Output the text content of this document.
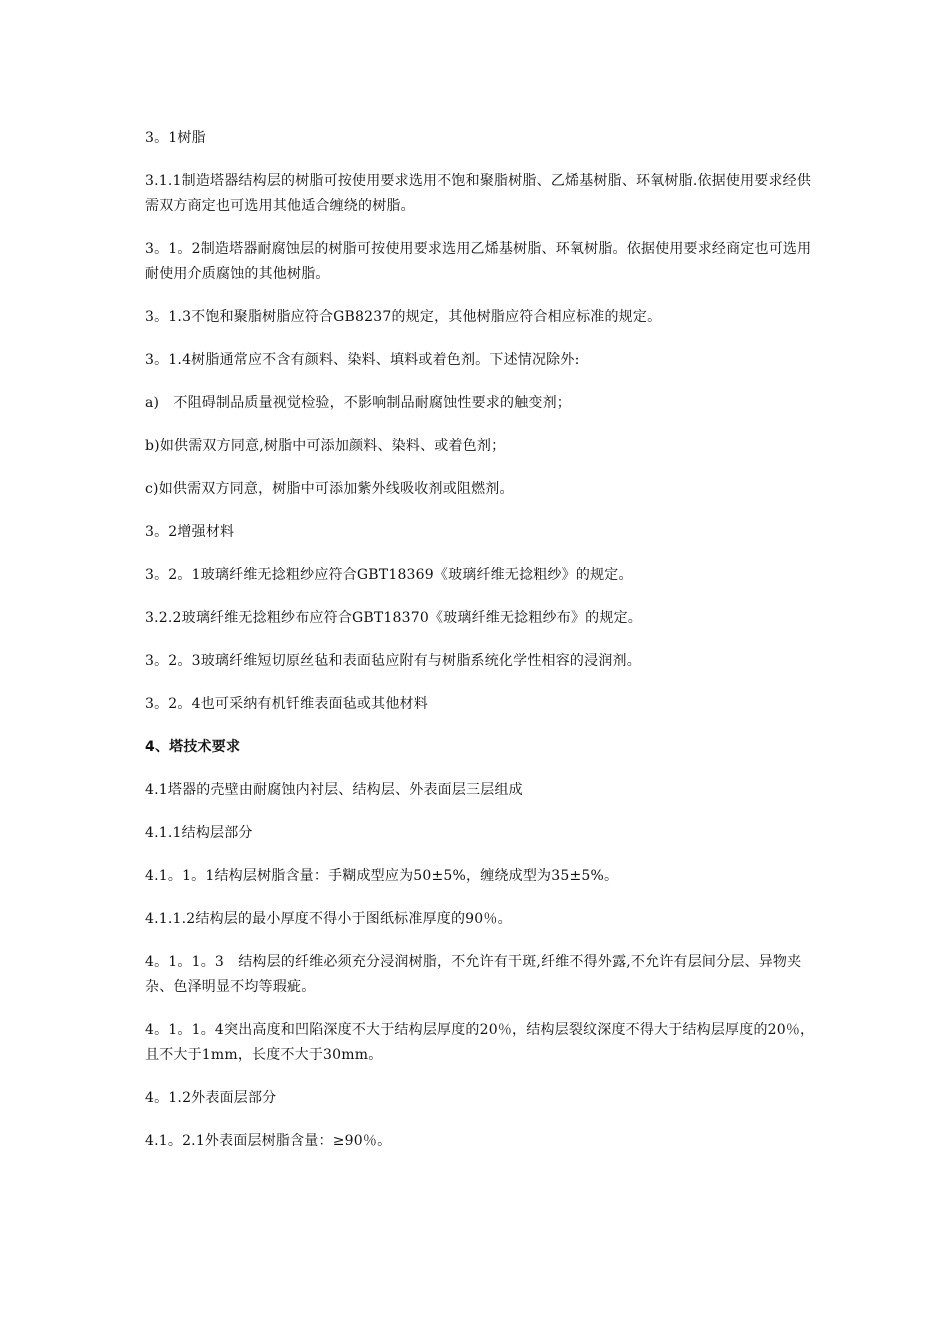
3。1树脂

3.1.1制造塔器结构层的树脂可按使用要求选用不饱和聚脂树脂、乙烯基树脂、环氧树脂.依据使用要求经供需双方商定也可选用其他适合缠绕的树脂。

3。1。2制造塔器耐腐蚀层的树脂可按使用要求选用乙烯基树脂、环氧树脂。依据使用要求经商定也可选用耐使用介质腐蚀的其他树脂。

3。1.3不饱和聚脂树脂应符合GB8237的规定，其他树脂应符合相应标准的规定。

3。1.4树脂通常应不含有颜料、染料、填料或着色剂。下述情况除外:

a)　不阻碍制品质量视觉检验，不影响制品耐腐蚀性要求的触变剂；

b)如供需双方同意,树脂中可添加颜料、染料、或着色剂；

c)如供需双方同意，树脂中可添加紫外线吸收剂或阻燃剂。

3。2增强材料

3。2。1玻璃纤维无捻粗纱应符合GBT18369《玻璃纤维无捻粗纱》的规定。

3.2.2玻璃纤维无捻粗纱布应符合GBT18370《玻璃纤维无捻粗纱布》的规定。

3。2。3玻璃纤维短切原丝毡和表面毡应附有与树脂系统化学性相容的浸润剂。

3。2。4也可采纳有机钎维表面毡或其他材料

4、塔技术要求

4.1塔器的壳壁由耐腐蚀内衬层、结构层、外表面层三层组成

4.1.1结构层部分

4.1。1。1结构层树脂含量：手糊成型应为50±5%，缠绕成型为35±5%。

4.1.1.2结构层的最小厚度不得小于图纸标准厚度的90％。

4。1。1。3　结构层的纤维必须充分浸润树脂，不允许有干斑,纤维不得外露,不允许有层间分层、异物夹杂、色泽明显不均等瑕疵。

4。1。1。4突出高度和凹陷深度不大于结构层厚度的20％，结构层裂纹深度不得大于结构层厚度的20％，且不大于1mm，长度不大于30mm。

4。1.2外表面层部分

4.1。2.1外表面层树脂含量：≥90％。
